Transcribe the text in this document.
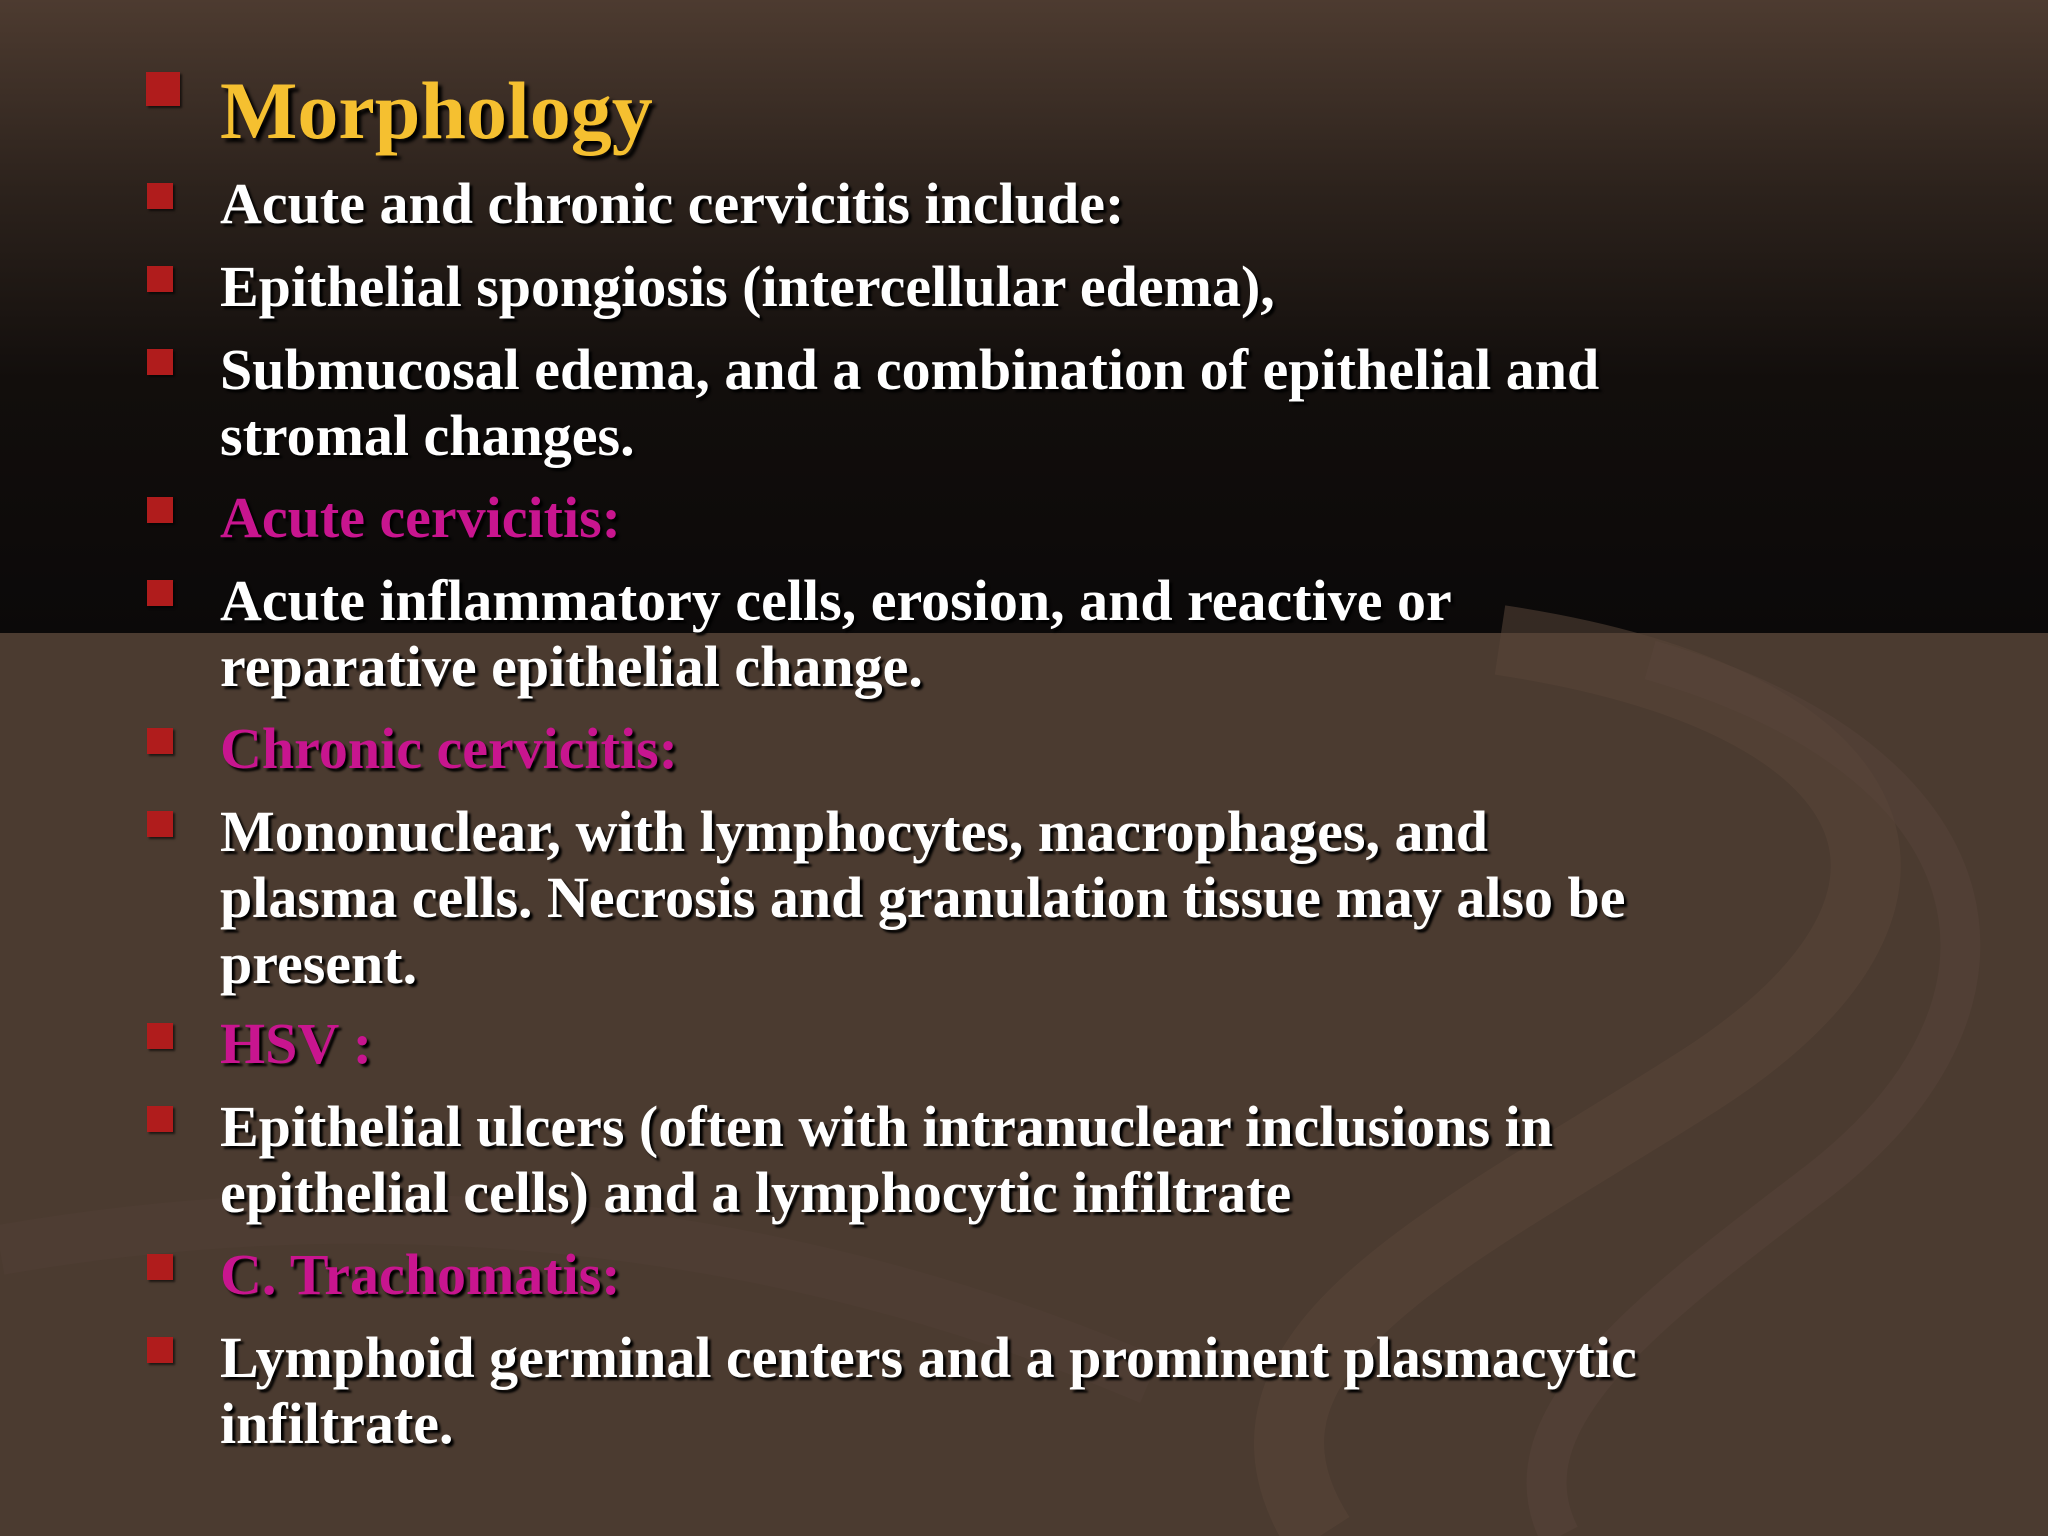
Morphology
Acute and chronic cervicitis include:
Epithelial spongiosis (intercellular edema),
Submucosal edema, and a combination of epithelial and
stromal changes.
Acute cervicitis:
Acute inflammatory cells, erosion, and reactive or
reparative epithelial change.
Chronic cervicitis:
Mononuclear, with lymphocytes, macrophages, and
plasma cells. Necrosis and granulation tissue may also be
present.
HSV :
Epithelial ulcers (often with intranuclear inclusions in
epithelial cells) and a lymphocytic infiltrate
C. Trachomatis:
Lymphoid germinal centers and a prominent plasmacytic
infiltrate.
